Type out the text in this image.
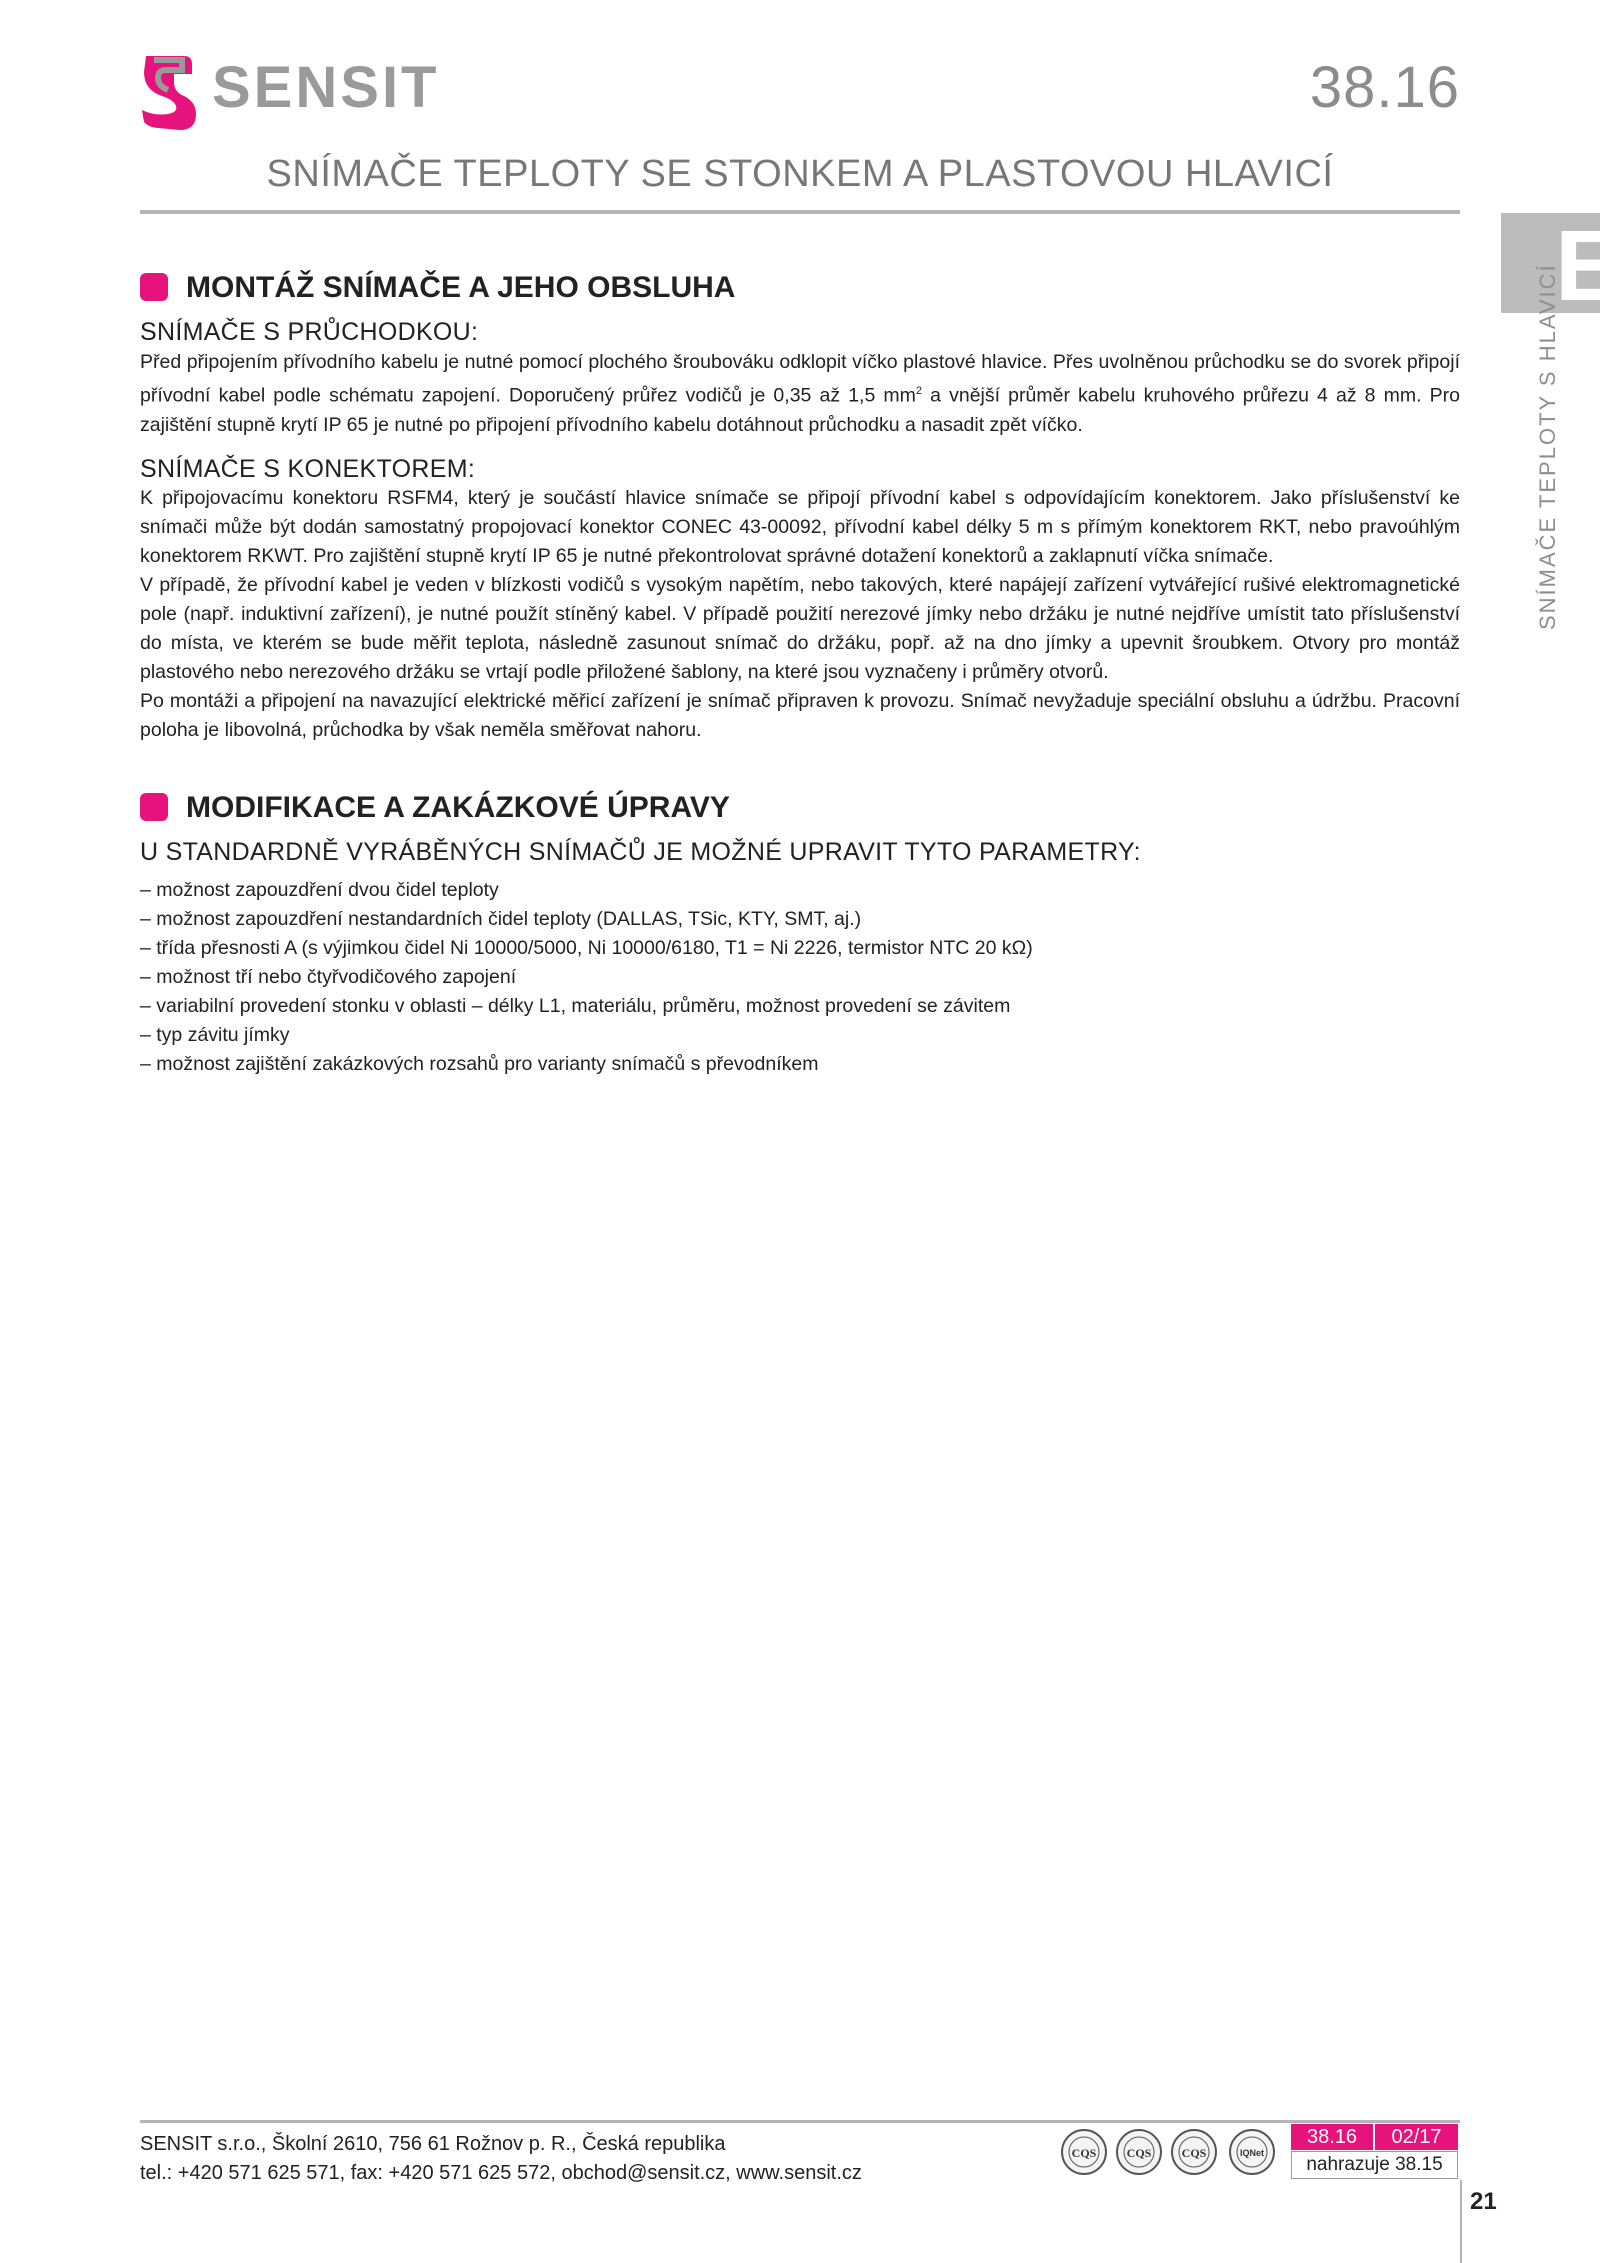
SENSIT	38.16
SNÍMAČE TEPLOTY SE STONKEM A PLASTOVOU HLAVICÍ
E
SNÍMAČE TEPLOTY S HLAVICÍ
MONTÁŽ SNÍMAČE A JEHO OBSLUHA
SNÍMAČE S PRŮCHODKOU:
Před připojením přívodního kabelu je nutné pomocí plochého šroubováku odklopit víčko plastové hlavice. Přes uvolněnou průchodku se do svorek připojí přívodní kabel podle schématu zapojení. Doporučený průřez vodičů je 0,35 až 1,5 $mm^2$ a vnější průměr kabelu kruhového průřezu 4 až 8 mm. Pro zajištění stupně krytí IP 65 je nutné po připojení přívodního kabelu dotáhnout průchodku a nasadit zpět víčko.
SNÍMAČE S KONEKTOREM:
K připojovacímu konektoru RSFM4, který je součástí hlavice snímače se připojí přívodní kabel s odpovídajícím konektorem. Jako příslušenství ke snímači může být dodán samostatný propojovací konektor CONEC 43-00092, přívodní kabel délky 5 m s přímým konektorem RKT, nebo pravoúhlým konektorem RKWT. Pro zajištění stupně krytí IP 65 je nutné překontrolovat správné dotažení konektorů a zaklapnutí víčka snímače.
V případě, že přívodní kabel je veden v blízkosti vodičů s vysokým napětím, nebo takových, které napájejí zařízení vytvářející rušivé elektromagnetické pole (např. induktivní zařízení), je nutné použít stíněný kabel. V případě použití nerezové jímky nebo držáku je nutné nejdříve umístit tato příslušenství do místa, ve kterém se bude měřit teplota, následně zasunout snímač do držáku, popř. až na dno jímky a upevnit šroubkem. Otvory pro montáž plastového nebo nerezového držáku se vrtají podle přiložené šablony, na které jsou vyznačeny i průměry otvorů.
Po montáži a připojení na navazující elektrické měřicí zařízení je snímač připraven k provozu. Snímač nevyžaduje speciální obsluhu a údržbu. Pracovní poloha je libovolná, průchodka by však neměla směřovat nahoru.
MODIFIKACE A ZAKÁZKOVÉ ÚPRAVY
U STANDARDNĚ VYRÁBĚNÝCH SNÍMAČŮ JE MOŽNÉ UPRAVIT TYTO PARAMETRY:
– možnost zapouzdření dvou čidel teploty
– možnost zapouzdření nestandardních čidel teploty (DALLAS, TSic, KTY, SMT, aj.)
– třída přesnosti A (s výjimkou čidel Ni 10000/5000, Ni 10000/6180, T1 = Ni 2226, termistor NTC 20 kΩ)
– možnost tří nebo čtyřvodičového zapojení
– variabilní provedení stonku v oblasti – délky L1, materiálu, průměru, možnost provedení se závitem
– typ závitu jímky
– možnost zajištění zakázkových rozsahů pro varianty snímačů s převodníkem
SENSIT s.r.o., Školní 2610, 756 61 Rožnov p. R., Česká republika
tel.: +420 571 625 571, fax: +420 571 625 572, obchod@sensit.cz, www.sensit.cz
CQS	CQS	CQS	IQNet
38.16	02/17
nahrazuje 38.15
21
